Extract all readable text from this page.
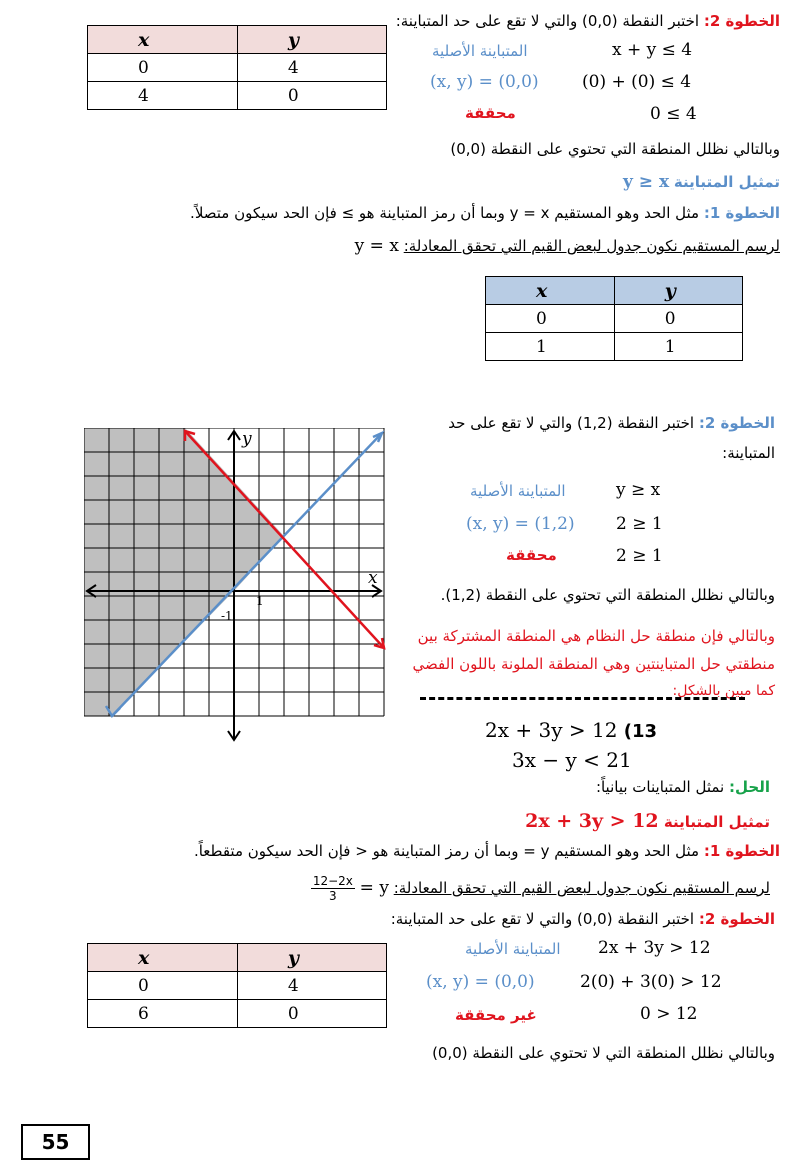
x	y
0	4
4	0
الخطوة 2: اختبر النقطة (0,0) والتي لا تقع على حد المتباينة:
المتباينة الأصلية	x + y ≤ 4
(x, y) = (0,0)	(0) + (0) ≤ 4
محققة	0 ≤ 4
وبالتالي نظلل المنطقة التي تحتوي على النقطة (0,0)
تمثيل المتباينة y ≥ x
الخطوة 1: مثل الحد وهو المستقيم y = x وبما أن رمز المتباينة هو ≥ فإن الحد سيكون متصلاً.
لرسم المستقيم نكون جدول لبعض القيم التي تحقق المعادلة: y = x
x	y
0	0
1	1
y
x
1
-1
الخطوة 2: اختبر النقطة (1,2) والتي لا تقع على حد
المتباينة:
المتباينة الأصلية	y ≥ x
(x, y) = (1,2) 2 ≥ 1
محققة	2 ≥ 1
وبالتالي نظلل المنطقة التي تحتوي على النقطة (1,2).
وبالتالي فإن منطقة حل النظام هي المنطقة المشتركة بين
منطقتي حل المتباينتين وهي المنطقة الملونة باللون الفضي
كما مبين بالشكل:
2x + 3y > 12 (13
3x − y < 21
الحل: نمثل المتباينات بيانياً:
تمثيل المتباينة 2x + 3y > 12
الخطوة 1: مثل الحد وهو المستقيم y = وبما أن رمز المتباينة هو < فإن الحد سيكون متقطعاً.
لرسم المستقيم نكون جدول لبعض القيم التي تحقق المعادلة: y =
$\frac{12-2x}{3}$
x	y
0	4
6	0
الخطوة 2: اختبر النقطة (0,0) والتي لا تقع على حد المتباينة:
المتباينة الأصلية 2x + 3y > 12
(x, y) = (0,0)	2(0) + 3(0) > 12
غير محققة	0 > 12
وبالتالي نظلل المنطقة التي لا تحتوي على النقطة (0,0)
55
